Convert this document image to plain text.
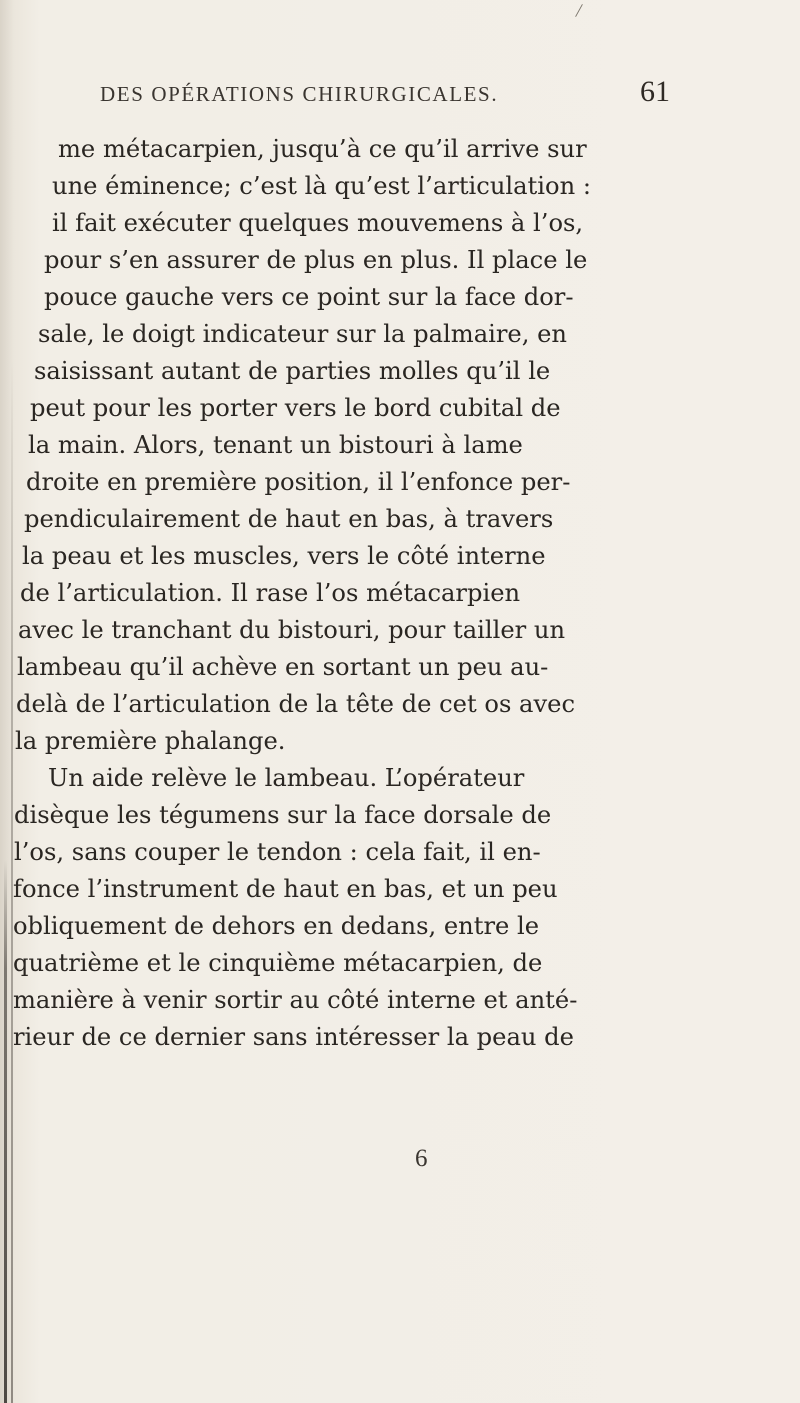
/
DES OPÉRATIONS CHIRURGICALES.	61
me métacarpien, jusqu’à ce qu’il arrive sur
une éminence; c’est là qu’est l’articulation :
il fait exécuter quelques mouvemens à l’os,
pour s’en assurer de plus en plus. Il place le
pouce gauche vers ce point sur la face dor-
sale, le doigt indicateur sur la palmaire, en
saisissant autant de parties molles qu’il le
peut pour les porter vers le bord cubital de
la main. Alors, tenant un bistouri à lame
droite en première position, il l’enfonce per-
pendiculairement de haut en bas, à travers
la peau et les muscles, vers le côté interne
de l’articulation. Il rase l’os métacarpien
avec le tranchant du bistouri, pour tailler un
lambeau qu’il achève en sortant un peu au-
delà de l’articulation de la tête de cet os avec
la première phalange.
Un aide relève le lambeau. L’opérateur
disèque les tégumens sur la face dorsale de
l’os, sans couper le tendon : cela fait, il en-
fonce l’instrument de haut en bas, et un peu
obliquement de dehors en dedans, entre le
quatrième et le cinquième métacarpien, de
manière à venir sortir au côté interne et anté-
rieur de ce dernier sans intéresser la peau de
6
